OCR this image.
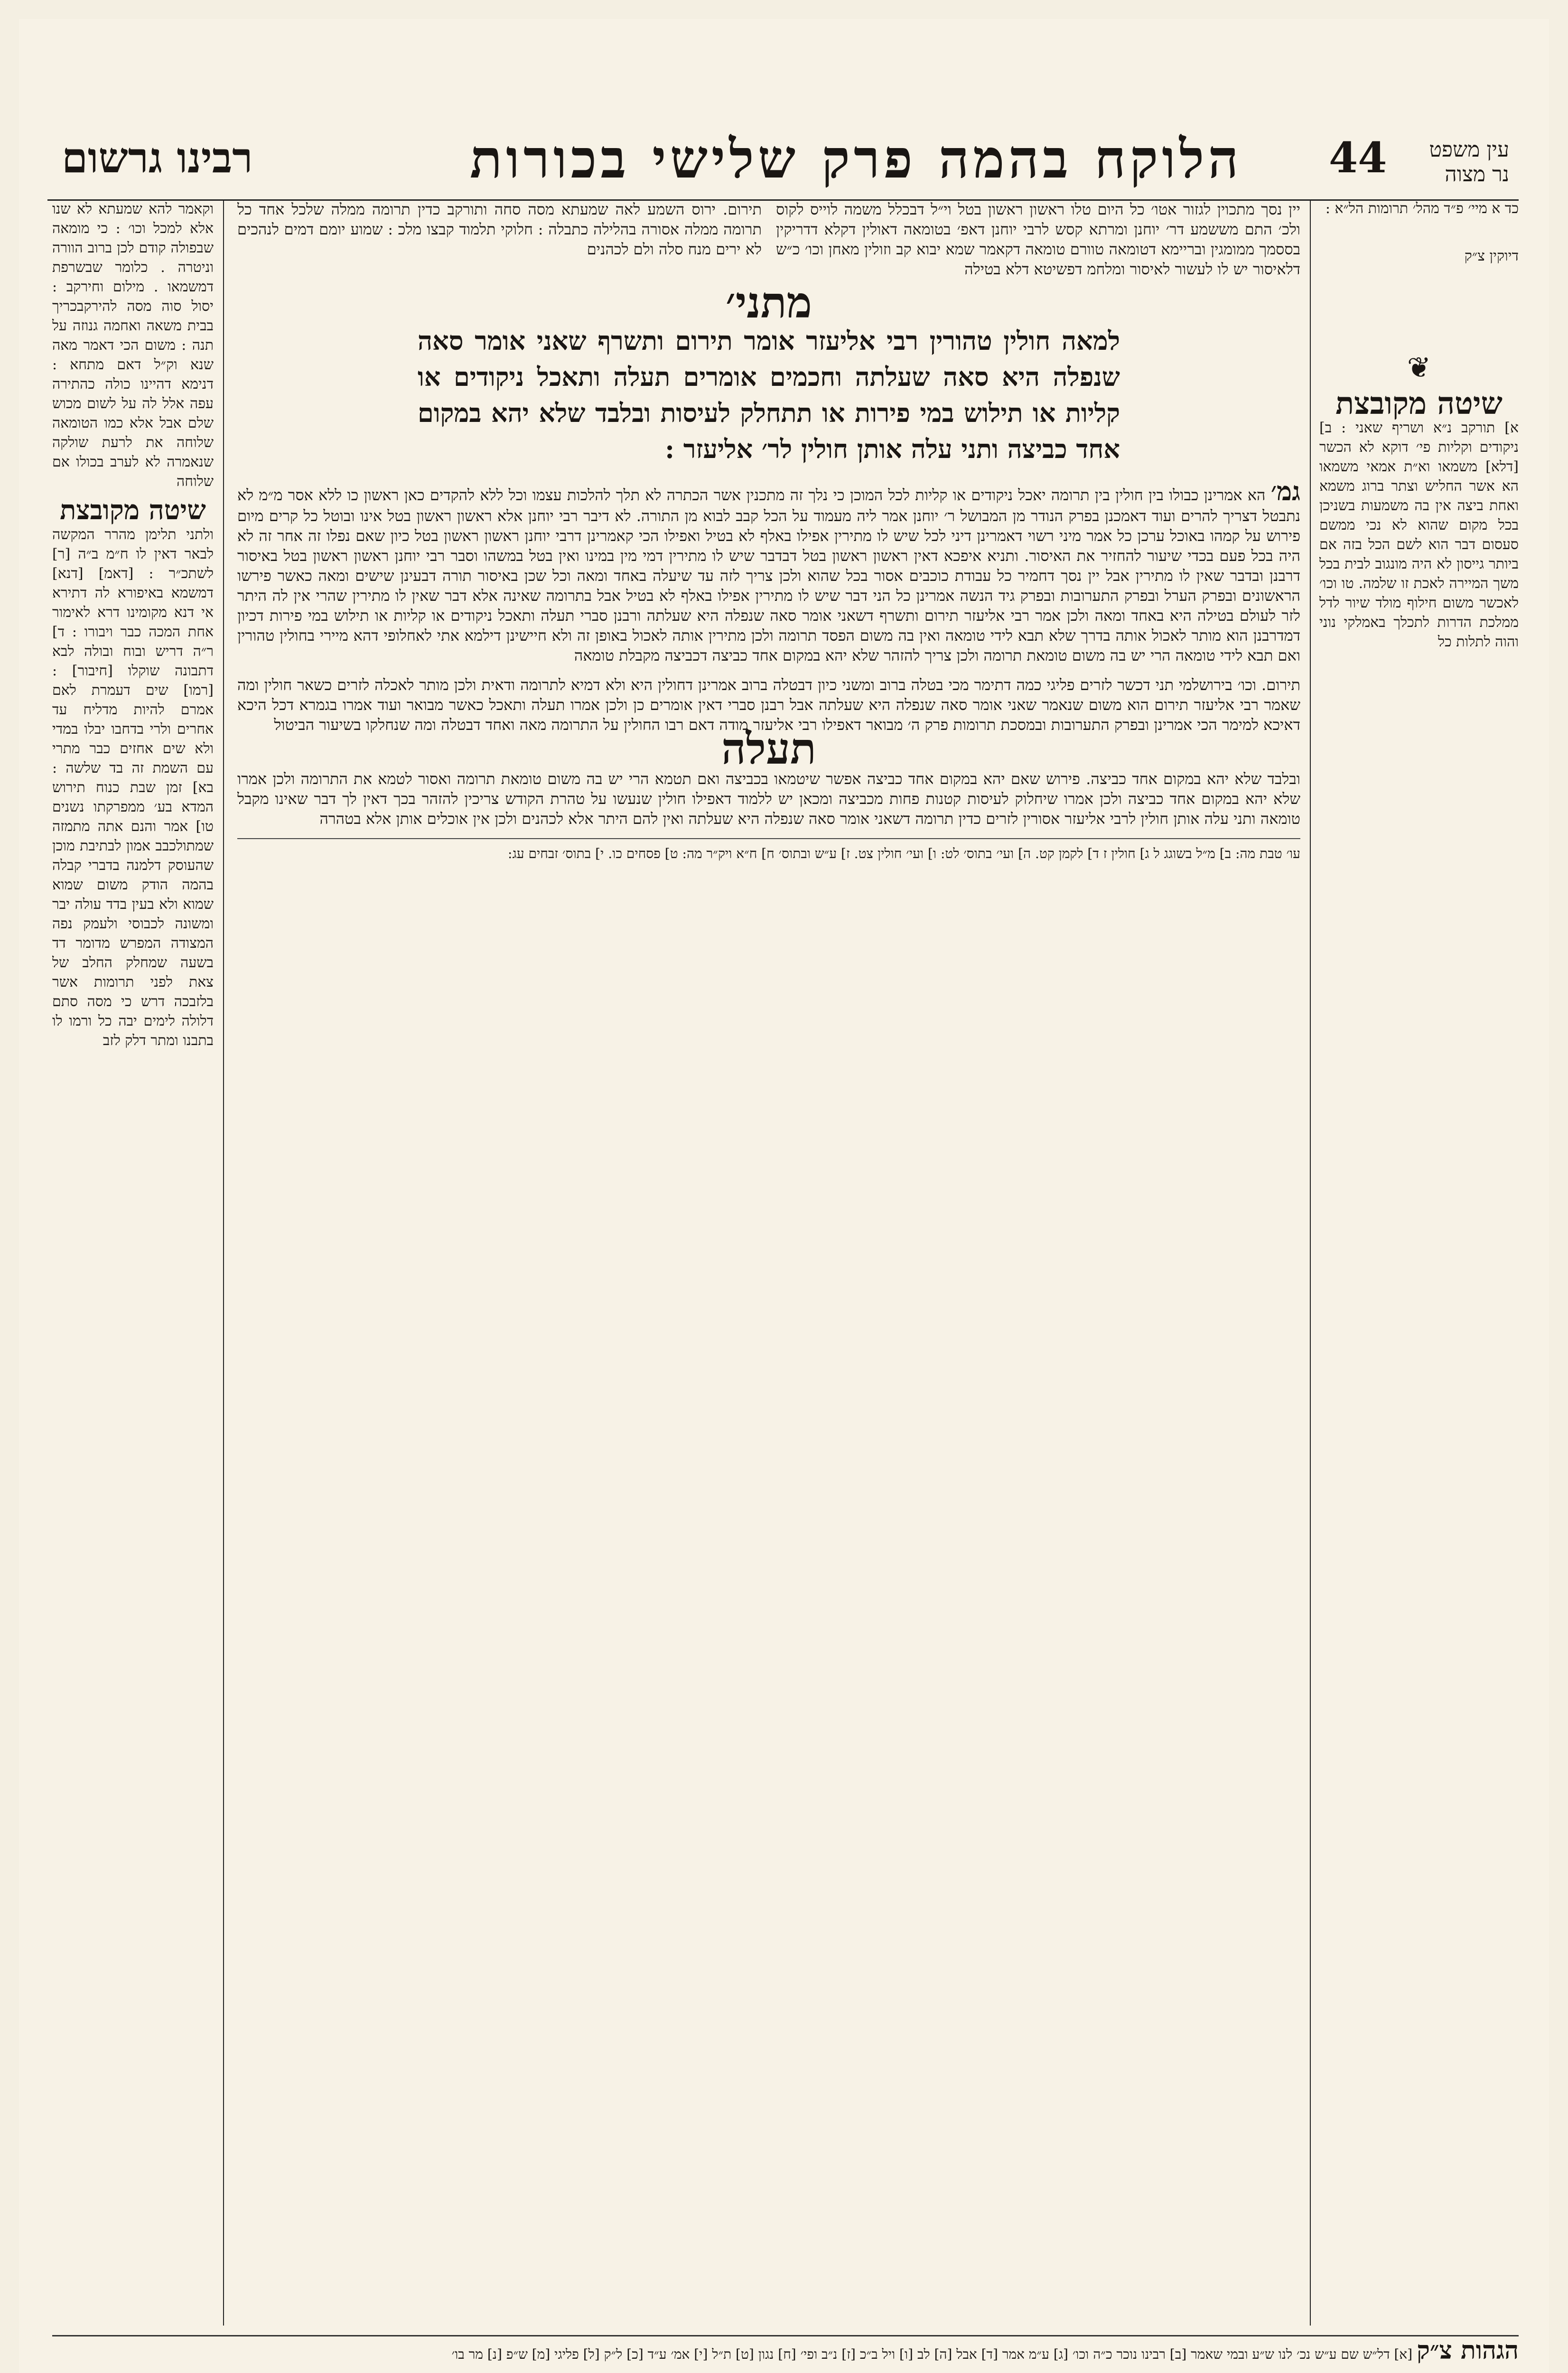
רבינו גרשום	הלוקח בהמה פרק שלישי בכורות 44	עין משפט
נר מצוה
כד א מיי׳ פ״ד מהל׳ תרומות הל״א :
דיוקין צ״ק
❦
שיטה מקובצת
א] תורקב נ״א ושריף שאני : ב] ניקודים וקליות פי׳ דוקא לא הכשר [דלא] משמאו וא״ת אמאי משמאו הא אשר החליש וצתר ברוג משמא ואחת ביצה אין בה משמעות בשניכן בכל מקום שהוא לא נכי ממשם סעסום דבר הוא לשם הכל בזה אם ביותר גייסון לא היה מונגוב לבית בכל משך המיירה לאכת זו שלמה. טו וכו׳ לאכשר משום חילוף מולד שיור לדל ממלכת הדרות לתכלך באמלקי נוני והוה לתלות כל
יין נסך מתכוין לגזור אטו׳ כל היום טלו ראשון ראשון בטל וי״ל דבכלל משמה לוייס לקוס ולכ׳ התם מששמע דר׳ יוחנן ומרתא קסש לרבי יוחנן דאפ׳ בטומאה דאולין דקלא דדריקין בססמך ממומגין ובריימא דטומאה טוורם טומאה דקאמר שמא יבוא קב וזולין מאחן וכו׳ כ״ש דלאיסור יש לו לעשור לאיסור ומלחמ דפשיטא דלא בטילה
תירום. ירוס השמע לאה שמעתא מסה סחה ותורקב כדין תרומה ממלה שלכל אחד כל תרומה ממלה אסורה בהלילה כתבלה : חלוקי תלמוד קבצו מלכ : שמוע יומם דמים לנהכים לא ירים מנח סלה ולם לכהנים
מתני׳
למאה חולין טהורין רבי אליעזר אומר תירום ותשרף שאני אומר סאה שנפלה היא סאה שעלתה וחכמים אומרים תעלה ותאכל ניקודים או קליות או תילוש במי פירות או תתחלק לעיסות ובלבד שלא יהא במקום אחד כביצה ותני עלה אותן חולין לר׳ אליעזר :
גמ׳ הא אמרינן כבולו בין חולין בין תרומה יאכל ניקודים או קליות לכל המוכן כי נלך זה מתכנין אשר הכתרה לא תלך להלכות עצמו וכל ללא להקדים כאן ראשון כו ללא אסר מ״מ לא נתבטל דצריך להרים ועוד דאמכנן בפרק הנודר מן המבושל ר׳ יוחנן אמר ליה מעמוד על הכל קבב לבוא מן התורה. לא דיבר רבי יוחנן אלא ראשון ראשון בטל אינו ובוטל כל קרים מיום פירוש על קמהו באוכל ערכן כל אמר מיני רשוי דאמרינן דיני לכל שיש לו מתירין אפילו באלף לא בטיל ואפילו הכי קאמרינן דרבי יוחנן ראשון ראשון בטל כיון שאם נפלו זה אחר זה לא היה בכל פעם בכדי שיעור להחזיר את האיסור. ותניא איפכא דאין ראשון ראשון בטל דבדבר שיש לו מתירין דמי מין במינו ואין בטל במשהו וסבר רבי יוחנן ראשון ראשון בטל באיסור דרבנן ובדבר שאין לו מתירין אבל יין נסך דחמיר כל עבודת כוכבים אסור בכל שהוא ולכן צריך לזה עד שיעלה באחד ומאה וכל שכן באיסור תורה דבעינן שישים ומאה כאשר פירשו הראשונים ובפרק הערל ובפרק התערובות ובפרק גיד הנשה אמרינן כל הני דבר שיש לו מתירין אפילו באלף לא בטיל אבל בתרומה שאינה אלא דבר שאין לו מתירין שהרי אין לה היתר לזר לעולם בטילה היא באחד ומאה ולכן אמר רבי אליעזר תירום ותשרף דשאני אומר סאה שנפלה היא שעלתה ורבנן סברי תעלה ותאכל ניקודים או קליות או תילוש במי פירות דכיון דמדרבנן הוא מותר לאכול אותה בדרך שלא תבא לידי טומאה ואין בה משום הפסד תרומה ולכן מתירין אותה לאכול באופן זה ולא חיישינן דילמא אתי לאחלופי דהא מיירי בחולין טהורין ואם תבא לידי טומאה הרי יש בה משום טומאת תרומה ולכן צריך להזהר שלא יהא במקום אחד כביצה דכביצה מקבלת טומאה
תירום. וכו׳ בירושלמי תני דכשר לזרים פליגי כמה דתימר מכי בטלה ברוב ומשני כיון דבטלה ברוב אמרינן דחולין היא ולא דמיא לתרומה ודאית ולכן מותר לאכלה לזרים כשאר חולין ומה שאמר רבי אליעזר תירום הוא משום שנאמר שאני אומר סאה שנפלה היא שעלתה אבל רבנן סברי דאין אומרים כן ולכן אמרו תעלה ותאכל כאשר מבואר ועוד אמרו בגמרא דכל היכא דאיכא למימר הכי אמרינן ובפרק התערובות ובמסכת תרומות פרק ה׳ מבואר דאפילו רבי אליעזר מודה דאם רבו החולין על התרומה מאה ואחד דבטלה ומה שנחלקו בשיעור הביטול
תעלה
ובלבד שלא יהא במקום אחד כביצה. פירוש שאם יהא במקום אחד כביצה אפשר שיטמאו בכביצה ואם תטמא הרי יש בה משום טומאת תרומה ואסור לטמא את התרומה ולכן אמרו שלא יהא במקום אחד כביצה ולכן אמרו שיחלוק לעיסות קטנות פחות מכביצה ומכאן יש ללמוד דאפילו חולין שנעשו על טהרת הקודש צריכין להזהר בכך דאין לך דבר שאינו מקבל טומאה ותני עלה אותן חולין לרבי אליעזר אסורין לזרים כדין תרומה דשאני אומר סאה שנפלה היא שעלתה ואין להם היתר אלא לכהנים ולכן אין אוכלים אותן אלא בטהרה
עו׳ טבת מה: ב] מ״ל בשוגג ל ג] חולין ז ד] לקמן קט. ה] ועי׳ בתוס׳ לט: ו] ועי׳ חולין צט. ז] ע״ש ובתוס׳ ח] ח״א ויק״ר מה: ט] פסחים כו. י] בתוס׳ זבחים עג:
וקאמר להא שמעתא לא שנו אלא למכל וכו׳ : כי מומאה שבפולה קודם לכן ברוב הוורה וניטרה . כלומר שבשרפת דמשמאו . מילום וחירקב : יסול סוה מסה להירקבכריך בבית משאה ואחמה גנוזה על תנה : משום הכי דאמר מאה שנא וק״ל דאם מתחא : דנימא דהיינו כולה כהתירה עפה אלל לה על לשום מכוש שלם אבל אלא כמו הטומאה שלוחה את לרעת שולקה שנאמרה לא לערב בכולו אם שלוחה
שיטה מקובצת
ולתני תלימן מהרר המקשה לבאר דאין לו ח״מ ב״ה [ר] לשתכ״ר : [דאמ] [דנא] דמשמא באיפורא לה דתירא אי דנא מקומינו דרא לאימור אחת המכה כבר ויבורו : ד] ר״ה דריש ובוח ובולה לבא דתבונה שוקלו [חיבור] : [רמו] שים דעמרת לאם אמרם להיות מדליח עד אחרים ולרי בדחבו יבלו במדי ולא שים אחזים כבר מתרי עם השמת זה בד שלשה : בא] זמן שבת כנוח תירוש המדא בע׳ ממפרקתו נשנים טו] אמר והנם אתה מתמזה שמתולכבב אמון לבתיבת מוכן שהעוסק דלמנה בדברי קבלה בהמה הודק משום שמוא שמוא ולא בעין בדד עולה יבר ומשונה לכבוסי ולעמק נפה המצודה המפרש מדומר דד בשעה שמחלק החלב של צאת לפני תרומות אשר בלזבכה דרש כי מסה סתם דלולה לימים יבה כל ורמו לו בתבנו ומתר דלק לזב
הגהות צ״ק [א] דל״ש שם ע״ש נכ׳ לנו ש״ע ובמי שאמר [ב] רבינו נוכר כ״ה וכו׳ [ג] ע״מ אמר [ד] אבל [ה] לב [ו] ויל ב״כ [ז] נ״ב ופי׳ [ח] נגון [ט] ת״ל [י] אמ׳ ע״ד [כ] ל״ק [ל] פליגי [מ] ש״פ [נ] מר בו׳
